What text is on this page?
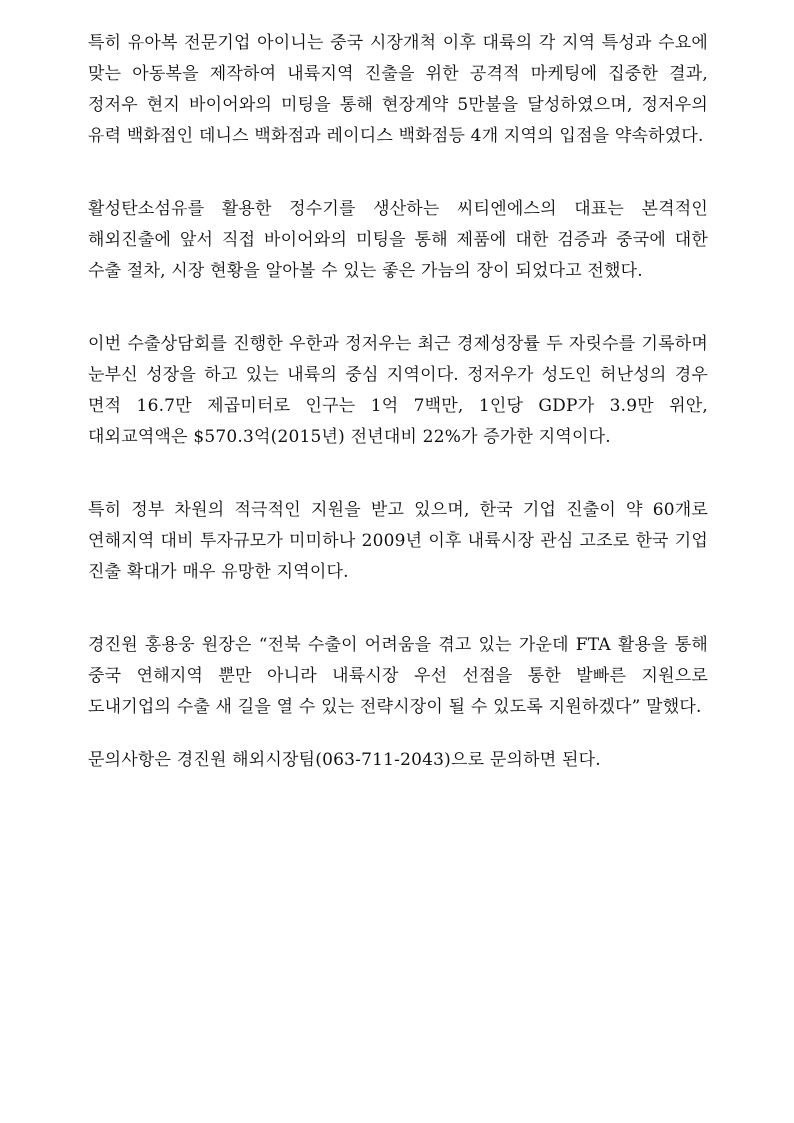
특히 유아복 전문기업 아이니는 중국 시장개척 이후 대륙의 각 지역 특성과 수요에 맞는 아동복을 제작하여 내륙지역 진출을 위한 공격적 마케팅에 집중한 결과, 정저우 현지 바이어와의 미팅을 통해 현장계약 5만불을 달성하였으며, 정저우의 유력 백화점인 데니스 백화점과 레이디스 백화점등 4개 지역의 입점을 약속하였다.

활성탄소섬유를 활용한 정수기를 생산하는 씨티엔에스의 대표는 본격적인 해외진출에 앞서 직접 바이어와의 미팅을 통해 제품에 대한 검증과 중국에 대한 수출 절차, 시장 현황을 알아볼 수 있는 좋은 가늠의 장이 되었다고 전했다.

이번 수출상담회를 진행한 우한과 정저우는 최근 경제성장률 두 자릿수를 기록하며 눈부신 성장을 하고 있는 내륙의 중심 지역이다. 정저우가 성도인 허난성의 경우 면적 16.7만 제곱미터로 인구는 1억 7백만, 1인당 GDP가 3.9만 위안, 대외교역액은 $570.3억(2015년) 전년대비 22%가 증가한 지역이다.

특히 정부 차원의 적극적인 지원을 받고 있으며, 한국 기업 진출이 약 60개로 연해지역 대비 투자규모가 미미하나 2009년 이후 내륙시장 관심 고조로 한국 기업 진출 확대가 매우 유망한 지역이다.

경진원 홍용웅 원장은 “전북 수출이 어려움을 겪고 있는 가운데 FTA 활용을 통해 중국 연해지역 뿐만 아니라 내륙시장 우선 선점을 통한 발빠른 지원으로 도내기업의 수출 새 길을 열 수 있는 전략시장이 될 수 있도록 지원하겠다” 말했다.

문의사항은 경진원 해외시장팀(063-711-2043)으로 문의하면 된다.
